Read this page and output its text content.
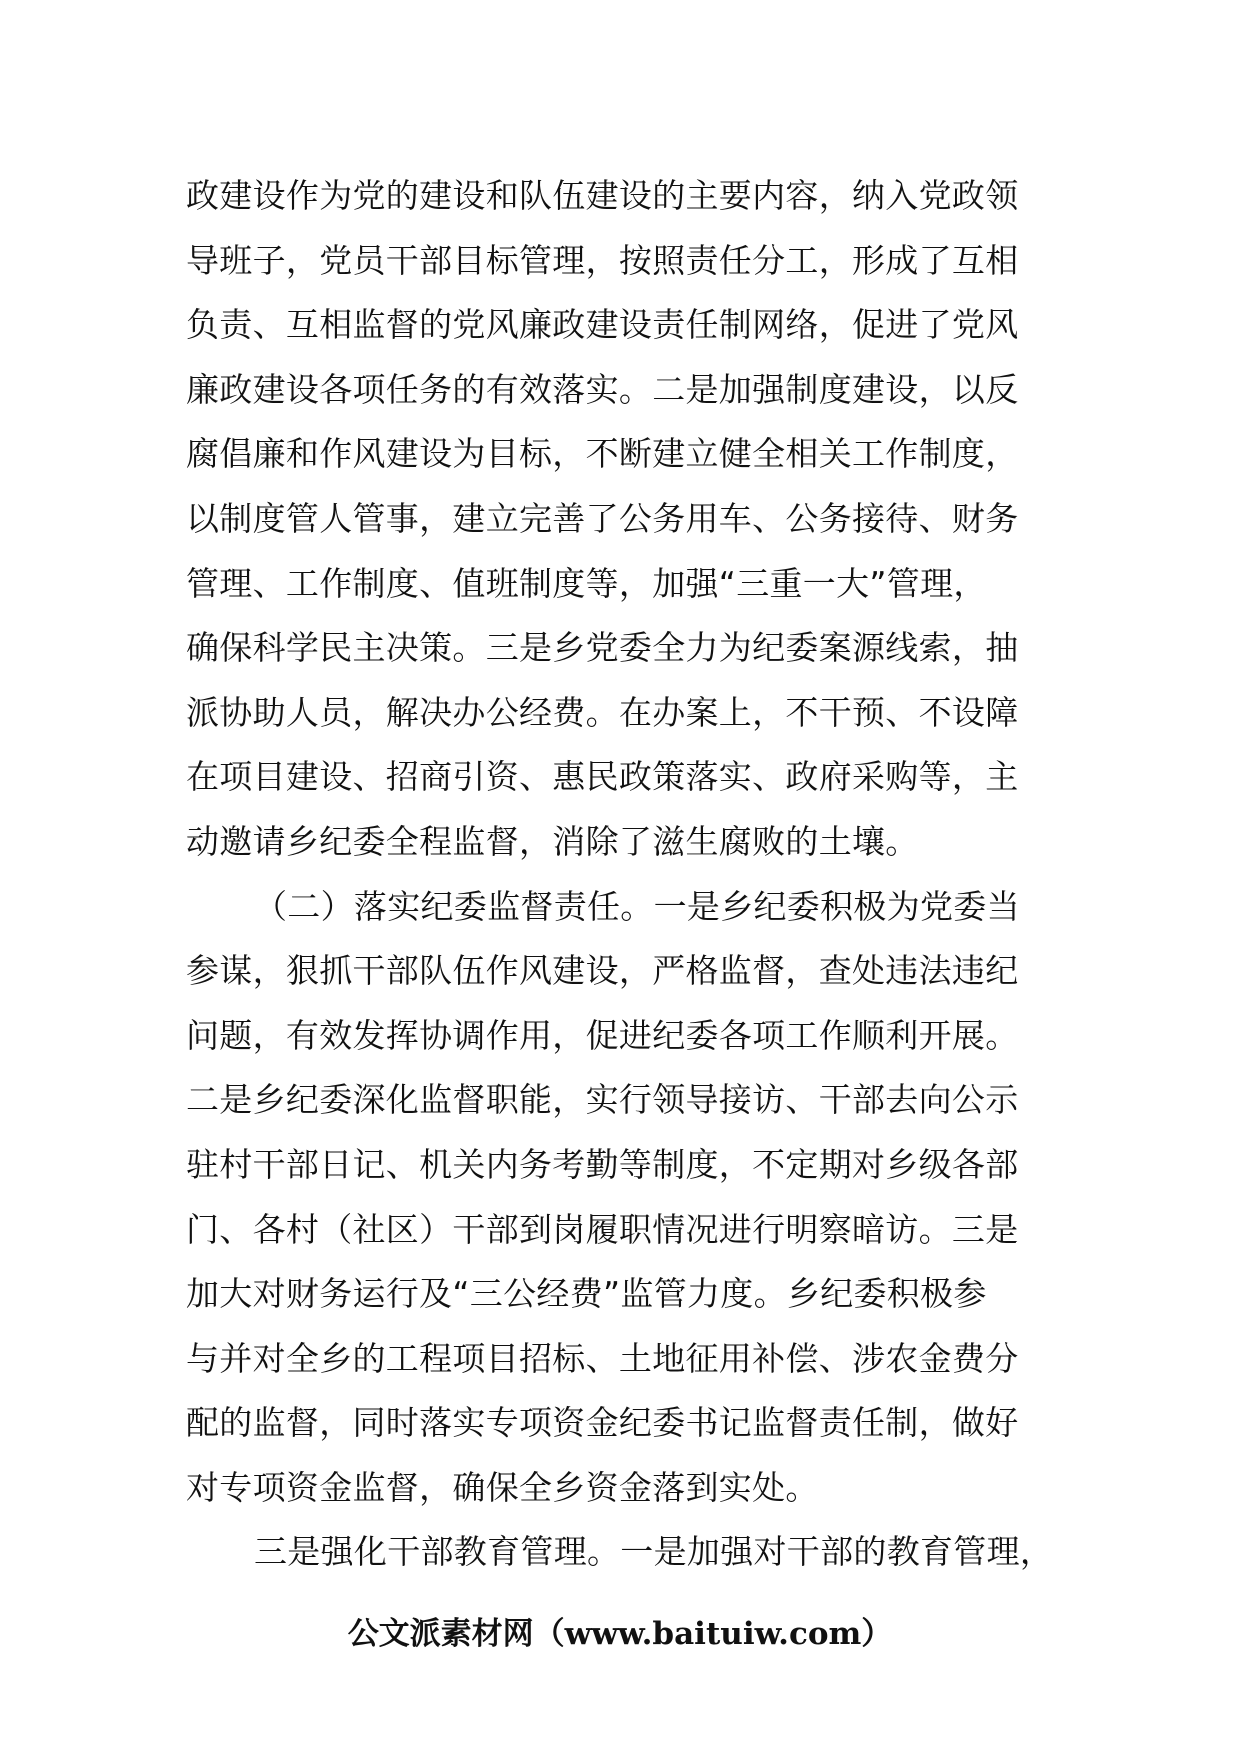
政建设作为党的建设和队伍建设的主要内容，纳入党政领
导班子，党员干部目标管理，按照责任分工，形成了互相
负责、互相监督的党风廉政建设责任制网络，促进了党风
廉政建设各项任务的有效落实。二是加强制度建设，以反
腐倡廉和作风建设为目标，不断建立健全相关工作制度，
以制度管人管事，建立完善了公务用车、公务接待、财务
管理、工作制度、值班制度等，加强“三重一大”管理，
确保科学民主决策。三是乡党委全力为纪委案源线索，抽
派协助人员，解决办公经费。在办案上，不干预、不设障
在项目建设、招商引资、惠民政策落实、政府采购等，主
动邀请乡纪委全程监督，消除了滋生腐败的土壤。

（二）落实纪委监督责任。一是乡纪委积极为党委当
参谋，狠抓干部队伍作风建设，严格监督，查处违法违纪
问题，有效发挥协调作用，促进纪委各项工作顺利开展。
二是乡纪委深化监督职能，实行领导接访、干部去向公示
驻村干部日记、机关内务考勤等制度，不定期对乡级各部
门、各村（社区）干部到岗履职情况进行明察暗访。三是
加大对财务运行及“三公经费”监管力度。乡纪委积极参
与并对全乡的工程项目招标、土地征用补偿、涉农金费分
配的监督，同时落实专项资金纪委书记监督责任制，做好
对专项资金监督，确保全乡资金落到实处。

三是强化干部教育管理。一是加强对干部的教育管理，

公文派素材网（www.baituiw.com）
